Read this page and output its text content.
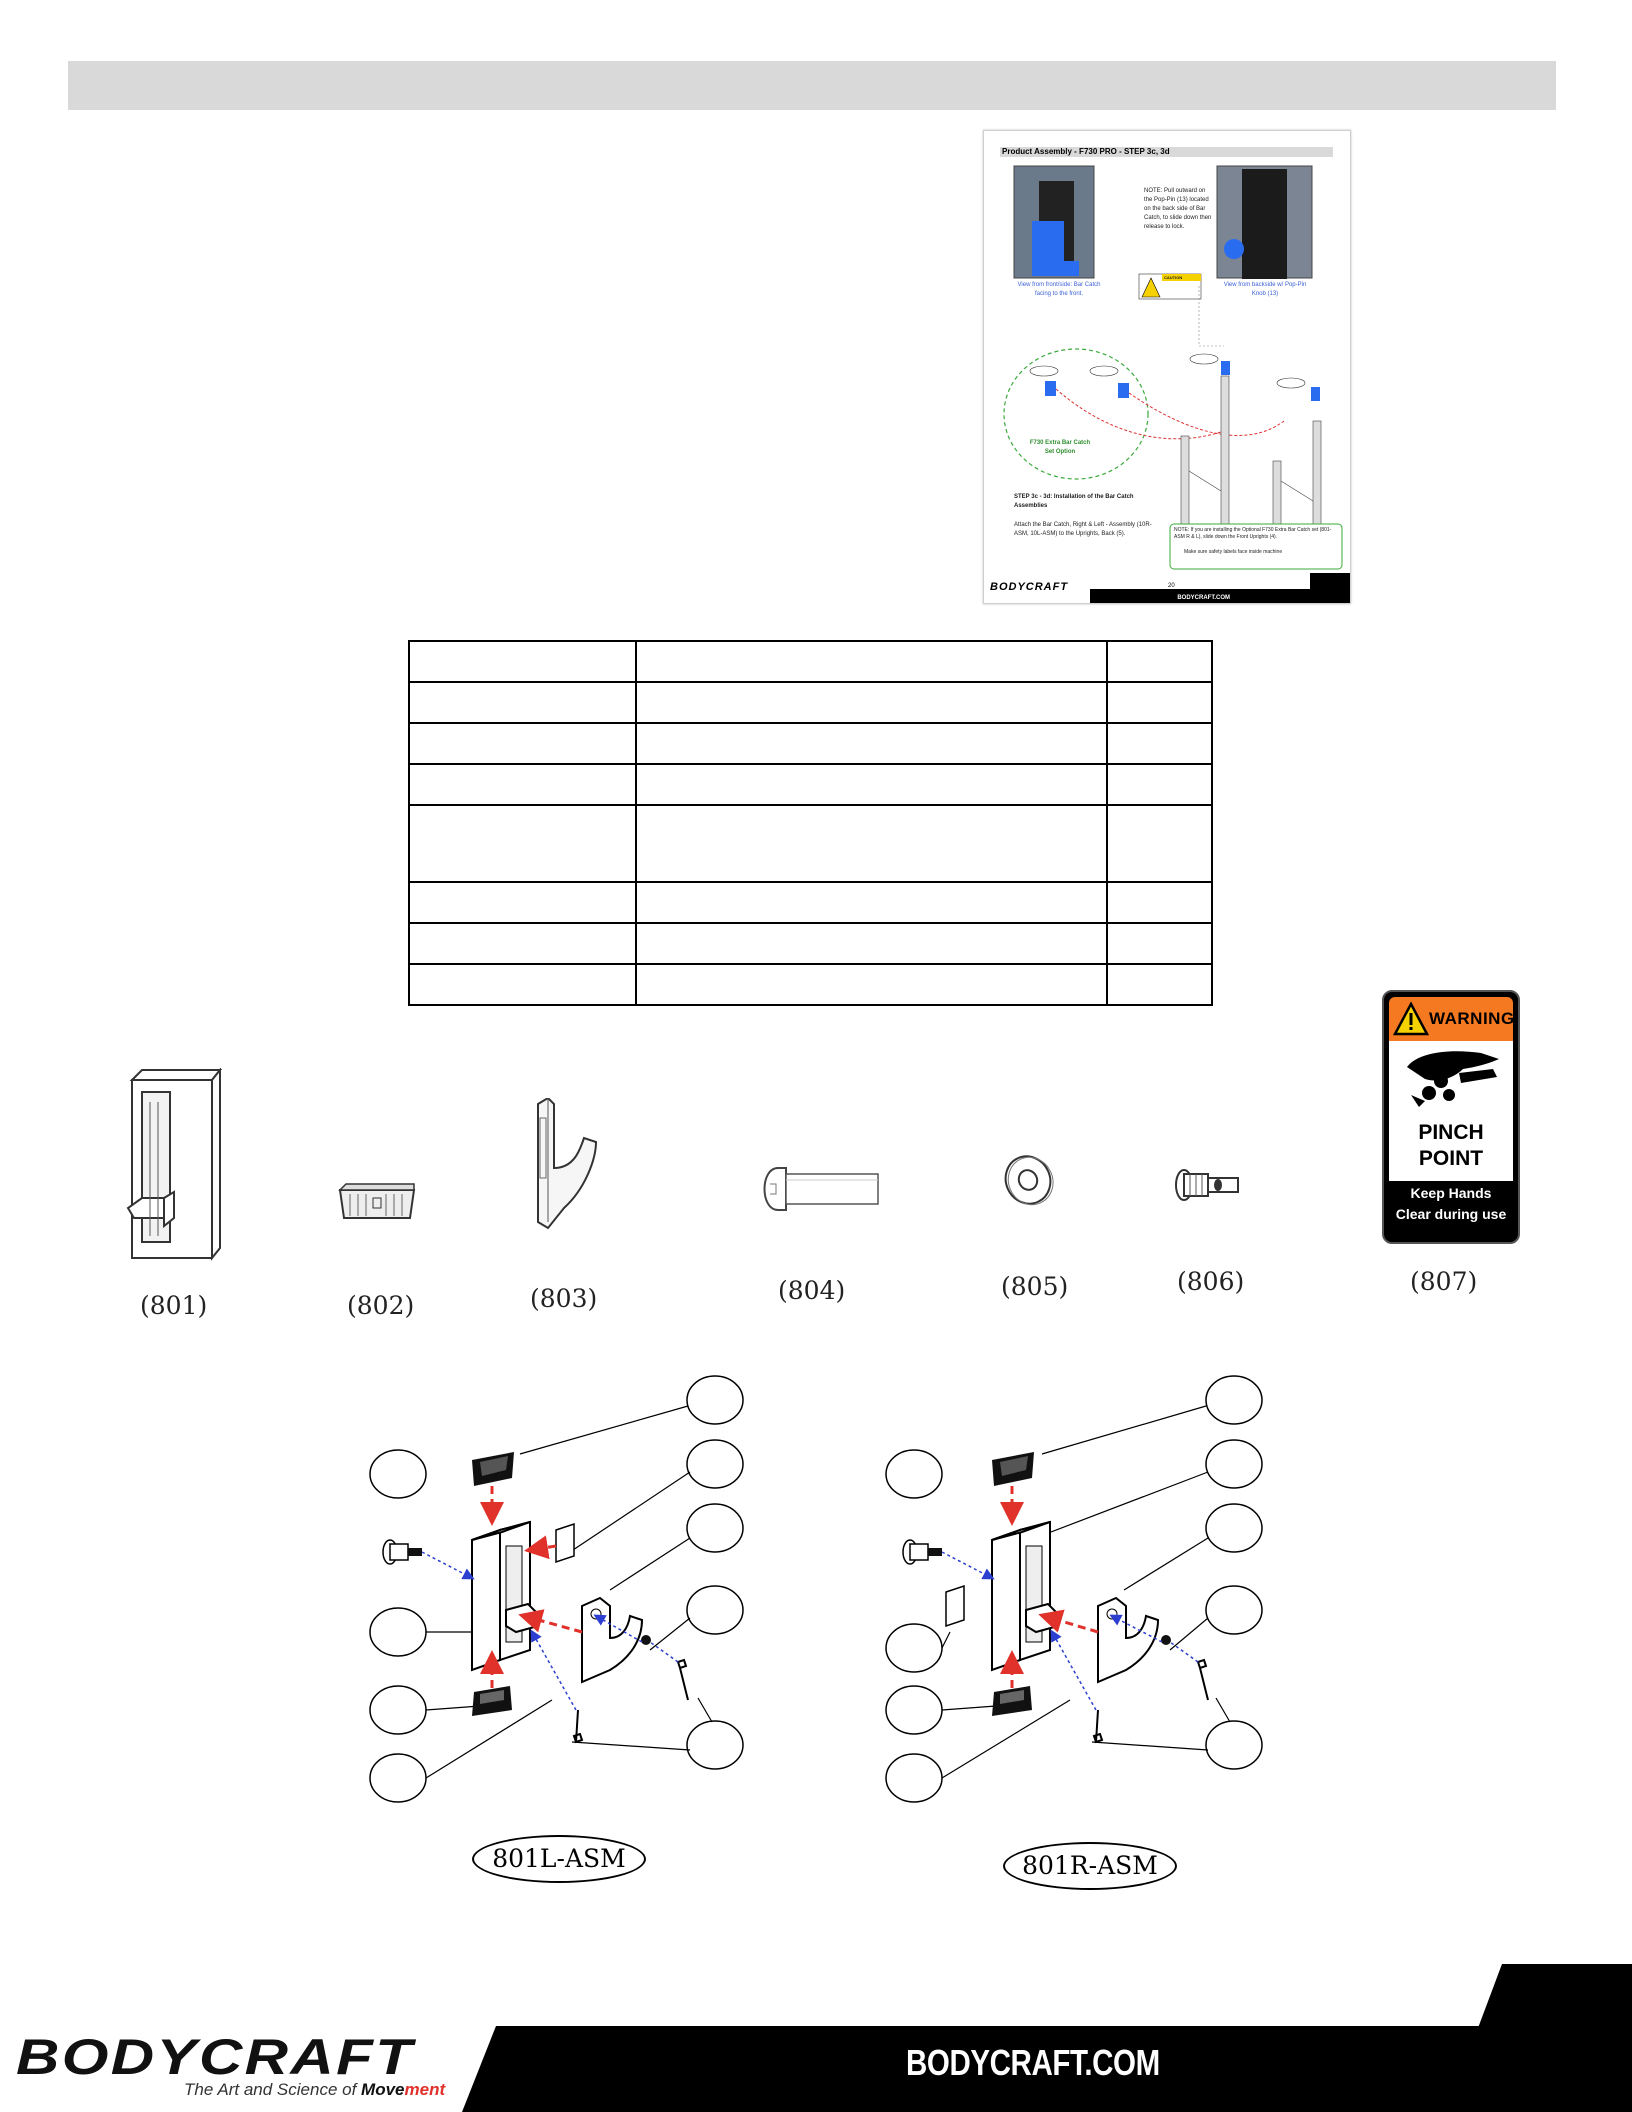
Product Assembly - F730 PRO - STEP 3c, 3d
NOTE: Pull outward on the Pop-Pin (13) located on the back side of Bar Catch, to slide down then release to lock.
CAUTION
View from front/side: Bar Catch facing to the front.
View from backside w/ Pop-Pin Knob (13)
F730 Extra Bar Catch Set Option
STEP 3c - 3d: Installation of the Bar Catch Assemblies
Attach the Bar Catch, Right & Left - Assembly (10R-ASM, 10L-ASM) to the Uprights, Back (5).
NOTE: If you are installing the Optional F730 Extra Bar Catch set (801-ASM R & L), slide down the Front Uprights (4).
Make sure safety labels face inside machine
BODYCRAFT
BODYCRAFT.COM
20

(801)	(802)	(803)	(804)	(805)	(806)
WARNING
PINCH
POINT
Keep Hands
Clear during use
(807)
801L-ASM	801R-ASM
BODYCRAFT
The Art and Science of Movement
BODYCRAFT.COM
